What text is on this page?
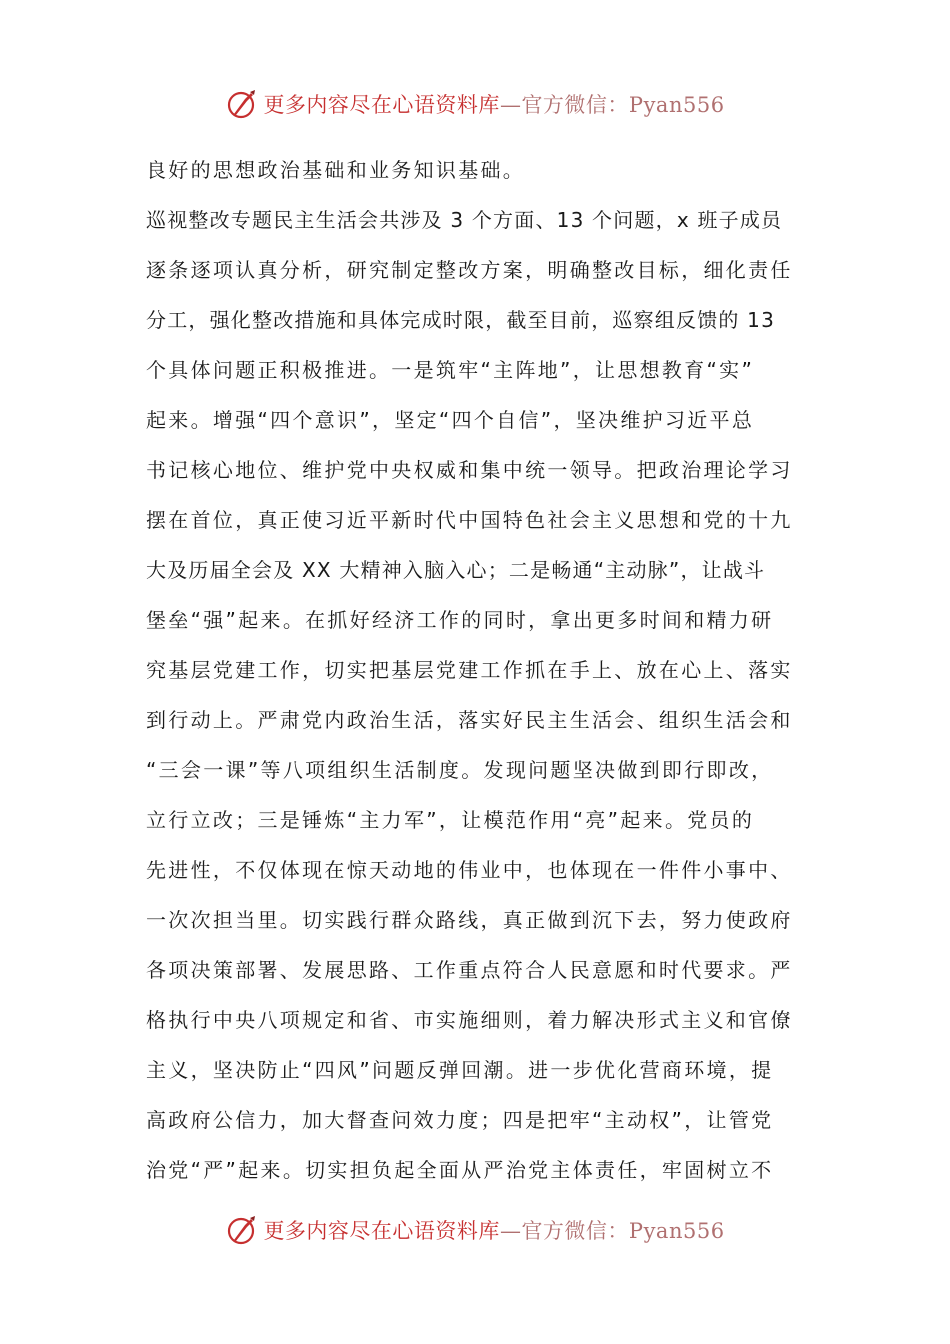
更多内容尽在心语资料库—官方微信：Pyan556
良好的思想政治基础和业务知识基础。
巡视整改专题民主生活会共涉及 3 个方面、13 个问题，x 班子成员
逐条逐项认真分析，研究制定整改方案，明确整改目标，细化责任
分工，强化整改措施和具体完成时限，截至目前，巡察组反馈的 13
个具体问题正积极推进。一是筑牢“主阵地”，让思想教育“实”
起来。增强“四个意识”，坚定“四个自信”，坚决维护习近平总
书记核心地位、维护党中央权威和集中统一领导。把政治理论学习
摆在首位，真正使习近平新时代中国特色社会主义思想和党的十九
大及历届全会及 XX 大精神入脑入心；二是畅通“主动脉”，让战斗
堡垒“强”起来。在抓好经济工作的同时，拿出更多时间和精力研
究基层党建工作，切实把基层党建工作抓在手上、放在心上、落实
到行动上。严肃党内政治生活，落实好民主生活会、组织生活会和
“三会一课”等八项组织生活制度。发现问题坚决做到即行即改，
立行立改；三是锤炼“主力军”，让模范作用“亮”起来。党员的
先进性，不仅体现在惊天动地的伟业中，也体现在一件件小事中、
一次次担当里。切实践行群众路线，真正做到沉下去，努力使政府
各项决策部署、发展思路、工作重点符合人民意愿和时代要求。严
格执行中央八项规定和省、市实施细则，着力解决形式主义和官僚
主义，坚决防止“四风”问题反弹回潮。进一步优化营商环境，提
高政府公信力，加大督查问效力度；四是把牢“主动权”，让管党
治党“严”起来。切实担负起全面从严治党主体责任，牢固树立不
更多内容尽在心语资料库—官方微信：Pyan556
